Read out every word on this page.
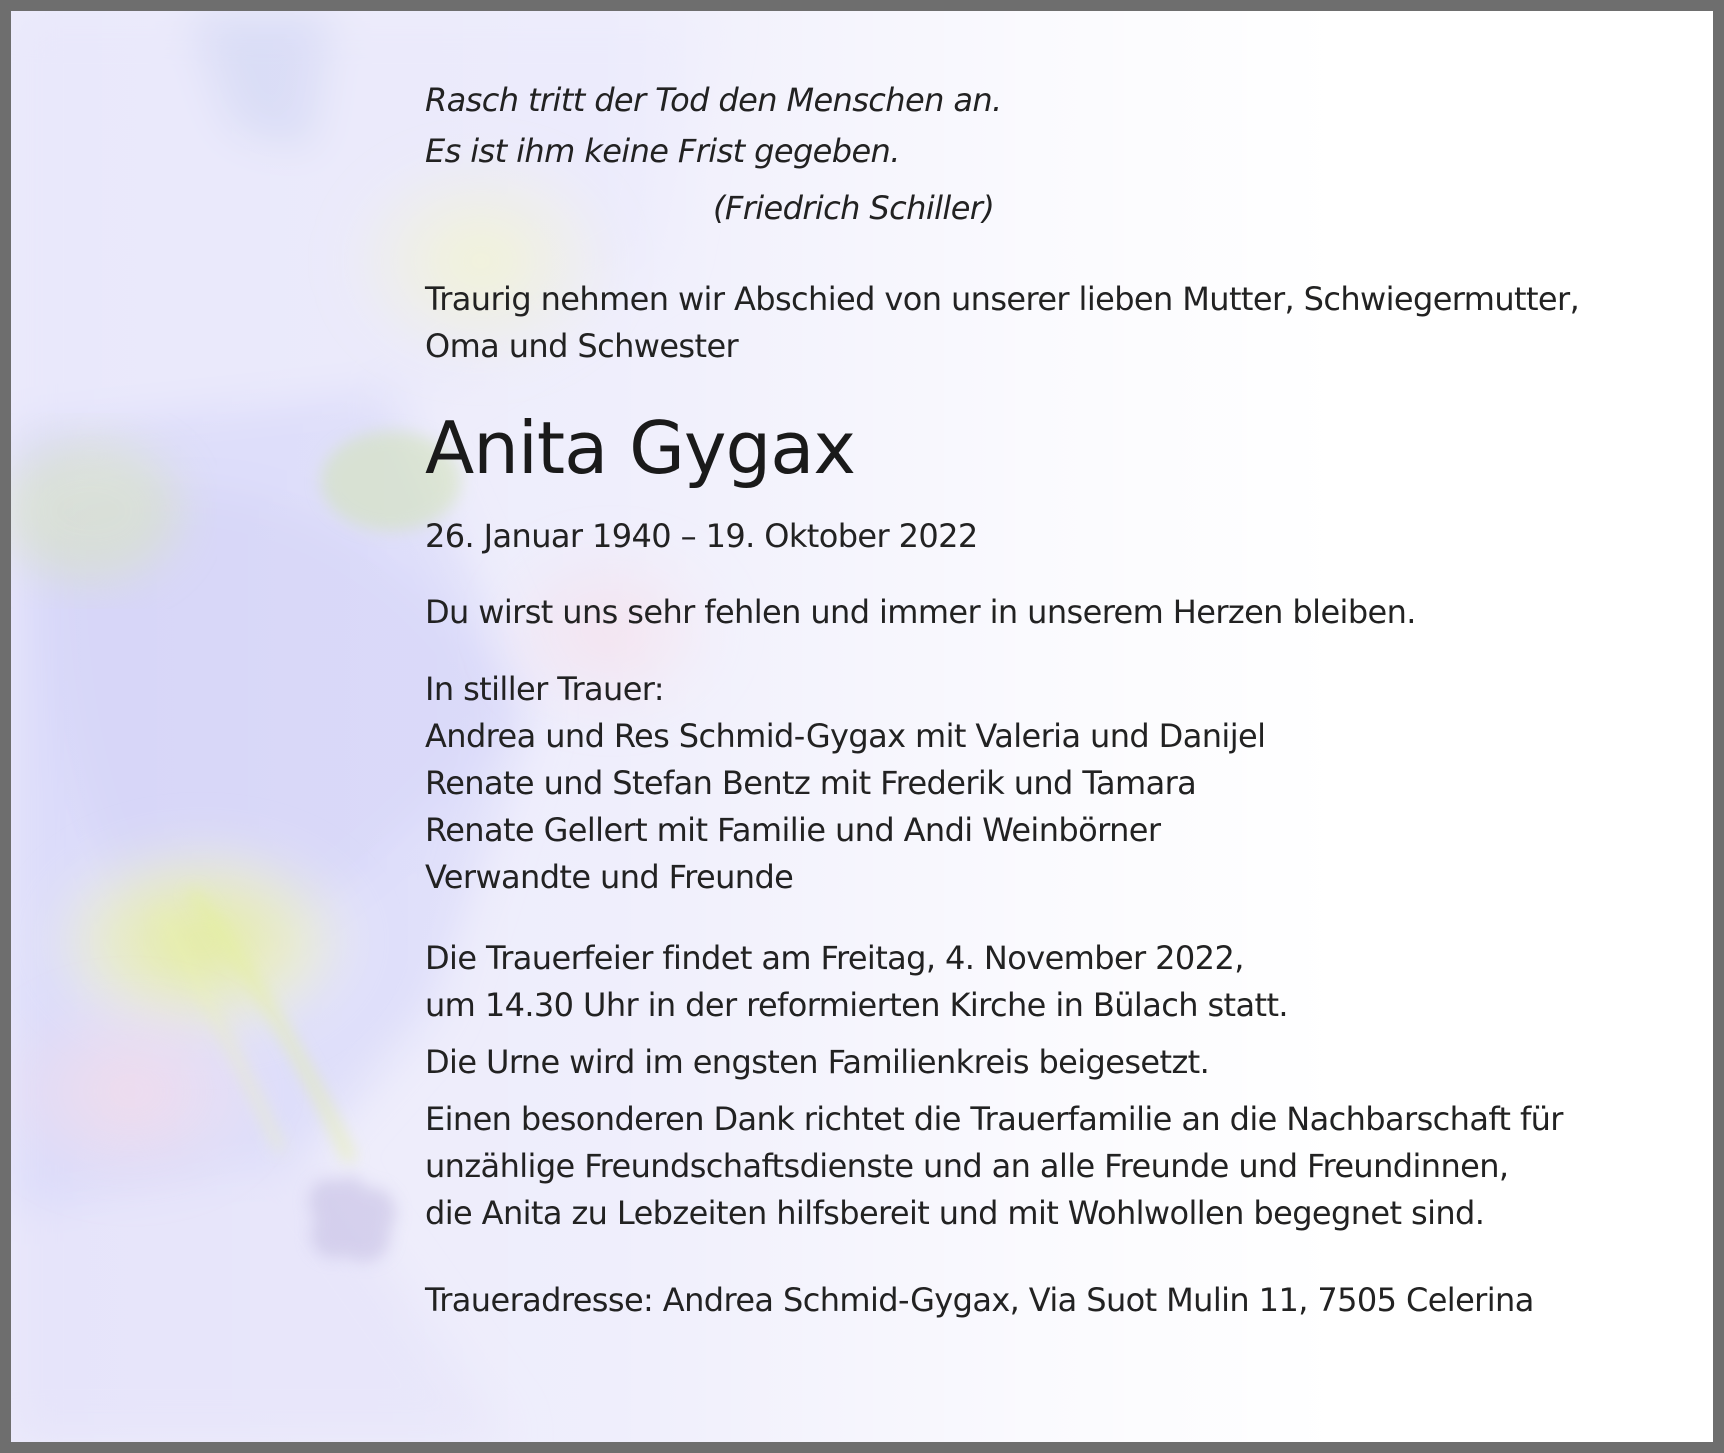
Rasch tritt der Tod den Menschen an.
Es ist ihm keine Frist gegeben.
(Friedrich Schiller)
Traurig nehmen wir Abschied von unserer lieben Mutter, Schwiegermutter,
Oma und Schwester
Anita Gygax
26. Januar 1940 – 19. Oktober 2022
Du wirst uns sehr fehlen und immer in unserem Herzen bleiben.
In stiller Trauer:
Andrea und Res Schmid-Gygax mit Valeria und Danijel
Renate und Stefan Bentz mit Frederik und Tamara
Renate Gellert mit Familie und Andi Weinbörner
Verwandte und Freunde
Die Trauerfeier findet am Freitag, 4. November 2022,
um 14.30 Uhr in der reformierten Kirche in Bülach statt.
Die Urne wird im engsten Familienkreis beigesetzt.
Einen besonderen Dank richtet die Trauerfamilie an die Nachbarschaft für
unzählige Freundschaftsdienste und an alle Freunde und Freundinnen,
die Anita zu Lebzeiten hilfsbereit und mit Wohlwollen begegnet sind.
Traueradresse: Andrea Schmid-Gygax, Via Suot Mulin 11, 7505 Celerina
